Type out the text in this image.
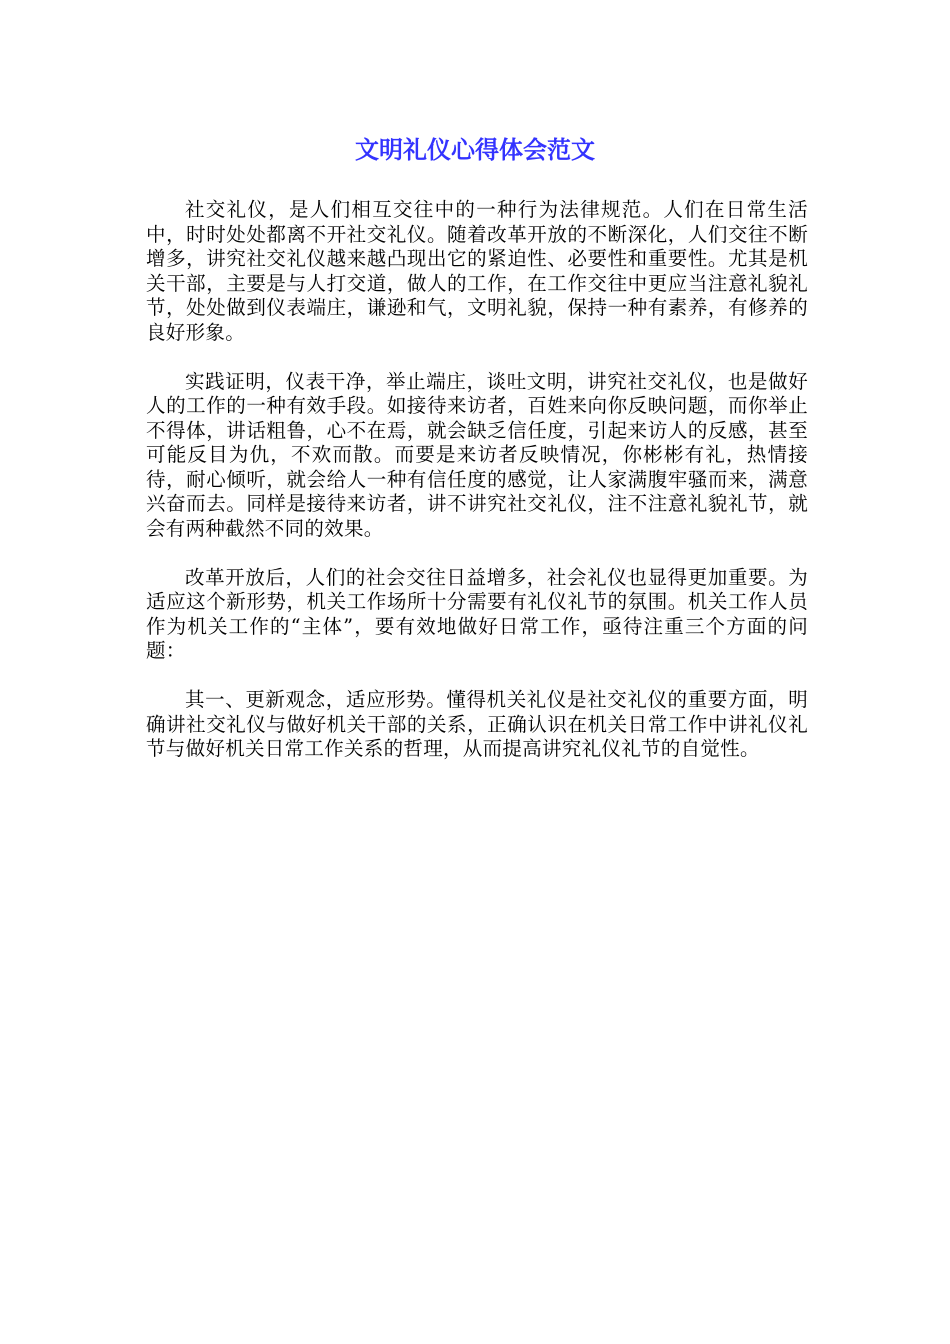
文明礼仪心得体会范文

社交礼仪，是人们相互交往中的一种行为法律规范。人们在日常生活中，时时处处都离不开社交礼仪。随着改革开放的不断深化，人们交往不断增多，讲究社交礼仪越来越凸现出它的紧迫性、必要性和重要性。尤其是机关干部，主要是与人打交道，做人的工作，在工作交往中更应当注意礼貌礼节，处处做到仪表端庄，谦逊和气，文明礼貌，保持一种有素养，有修养的良好形象。

实践证明，仪表干净，举止端庄，谈吐文明，讲究社交礼仪，也是做好人的工作的一种有效手段。如接待来访者，百姓来向你反映问题，而你举止不得体，讲话粗鲁，心不在焉，就会缺乏信任度，引起来访人的反感，甚至可能反目为仇，不欢而散。而要是来访者反映情况，你彬彬有礼，热情接待，耐心倾听，就会给人一种有信任度的感觉，让人家满腹牢骚而来，满意兴奋而去。同样是接待来访者，讲不讲究社交礼仪，注不注意礼貌礼节，就会有两种截然不同的效果。

改革开放后，人们的社会交往日益增多，社会礼仪也显得更加重要。为适应这个新形势，机关工作场所十分需要有礼仪礼节的氛围。机关工作人员作为机关工作的“主体”，要有效地做好日常工作，亟待注重三个方面的问题：

其一、更新观念，适应形势。懂得机关礼仪是社交礼仪的重要方面，明确讲社交礼仪与做好机关干部的关系，正确认识在机关日常工作中讲礼仪礼节与做好机关日常工作关系的哲理，从而提高讲究礼仪礼节的自觉性。
